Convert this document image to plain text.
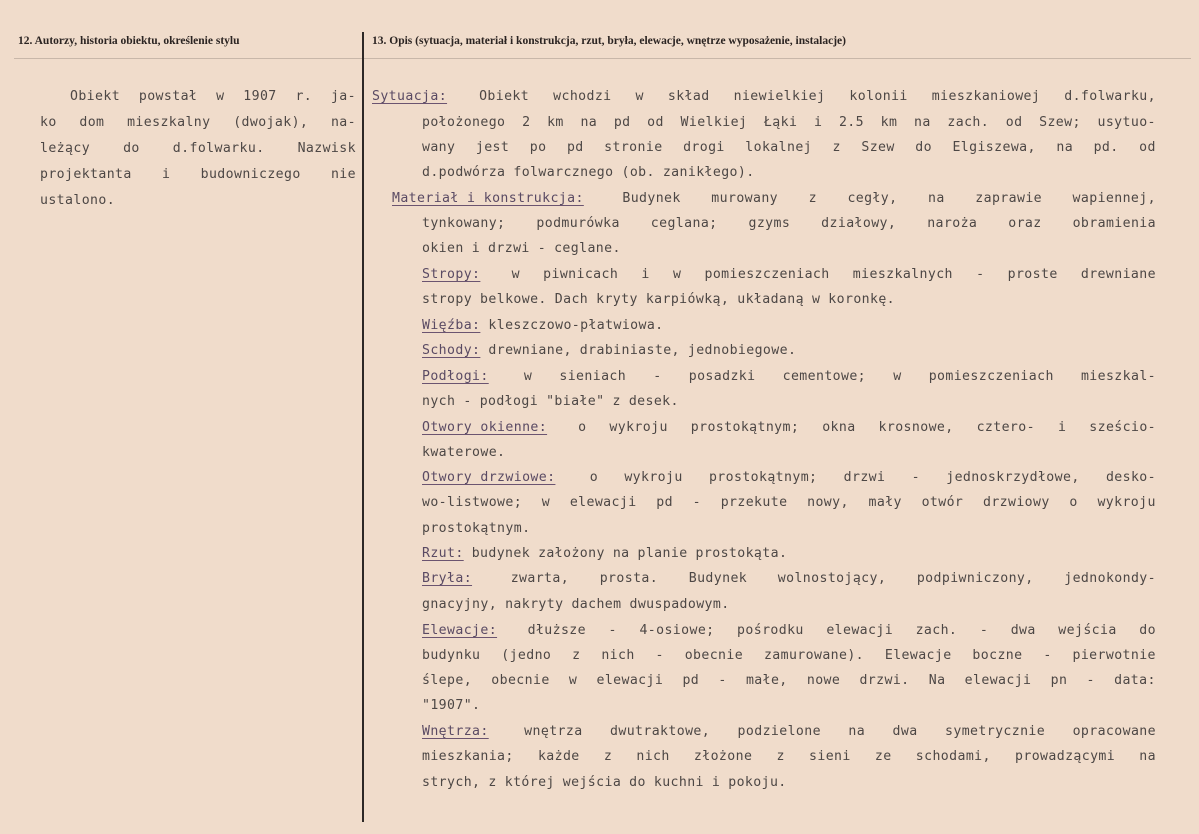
12. Autorzy, historia obiektu, określenie stylu	13. Opis (sytuacja, materiał i konstrukcja, rzut, bryła, elewacje, wnętrze wyposażenie, instalacje)
Obiekt powstał w 1907 r. ja-
ko dom mieszkalny (dwojak), na-
leżący	do	d.folwarku.	Nazwisk
projektanta i budowniczego nie
ustalono.
Sytuacja: Obiekt wchodzi w skład niewielkiej kolonii mieszkaniowej d.folwarku,
położonego 2 km na pd od Wielkiej Łąki i 2.5 km na zach. od Szew; usytuo-
wany jest po pd stronie drogi lokalnej z Szew do Elgiszewa, na pd. od
d.podwórza folwarcznego (ob. zanikłego).
Materiał i konstrukcja:	Budynek murowany z cegły, na zaprawie wapiennej,
tynkowany; podmurówka ceglana; gzyms działowy, naroża oraz obramienia
okien i drzwi - ceglane.
Stropy: w piwnicach i w pomieszczeniach mieszkalnych - proste drewniane
stropy belkowe. Dach kryty karpiówką, układaną w koronkę.
Więźba: kleszczowo-płatwiowa.
Schody: drewniane, drabiniaste, jednobiegowe.
Podłogi:	w sieniach - posadzki cementowe; w pomieszczeniach mieszkal-
nych - podłogi "białe" z desek.
Otwory okienne: o wykroju prostokątnym; okna krosnowe, cztero- i sześcio-
kwaterowe.
Otwory drzwiowe:	o wykroju prostokątnym; drzwi - jednoskrzydłowe, desko-
wo-listwowe; w elewacji pd - przekute nowy, mały otwór drzwiowy o wykroju
prostokątnym.
Rzut: budynek założony na planie prostokąta.
Bryła:	zwarta, prosta. Budynek wolnostojący, podpiwniczony, jednokondy-
gnacyjny, nakryty dachem dwuspadowym.
Elewacje: dłuższe - 4-osiowe; pośrodku elewacji zach. - dwa wejścia do
budynku (jedno z nich - obecnie zamurowane). Elewacje boczne - pierwotnie
ślepe, obecnie w elewacji pd - małe, nowe drzwi. Na elewacji pn - data:
"1907".
Wnętrza:	wnętrza dwutraktowe, podzielone na dwa symetrycznie opracowane
mieszkania; każde z nich złożone z sieni ze schodami, prowadzącymi na
strych, z której wejścia do kuchni i pokoju.
